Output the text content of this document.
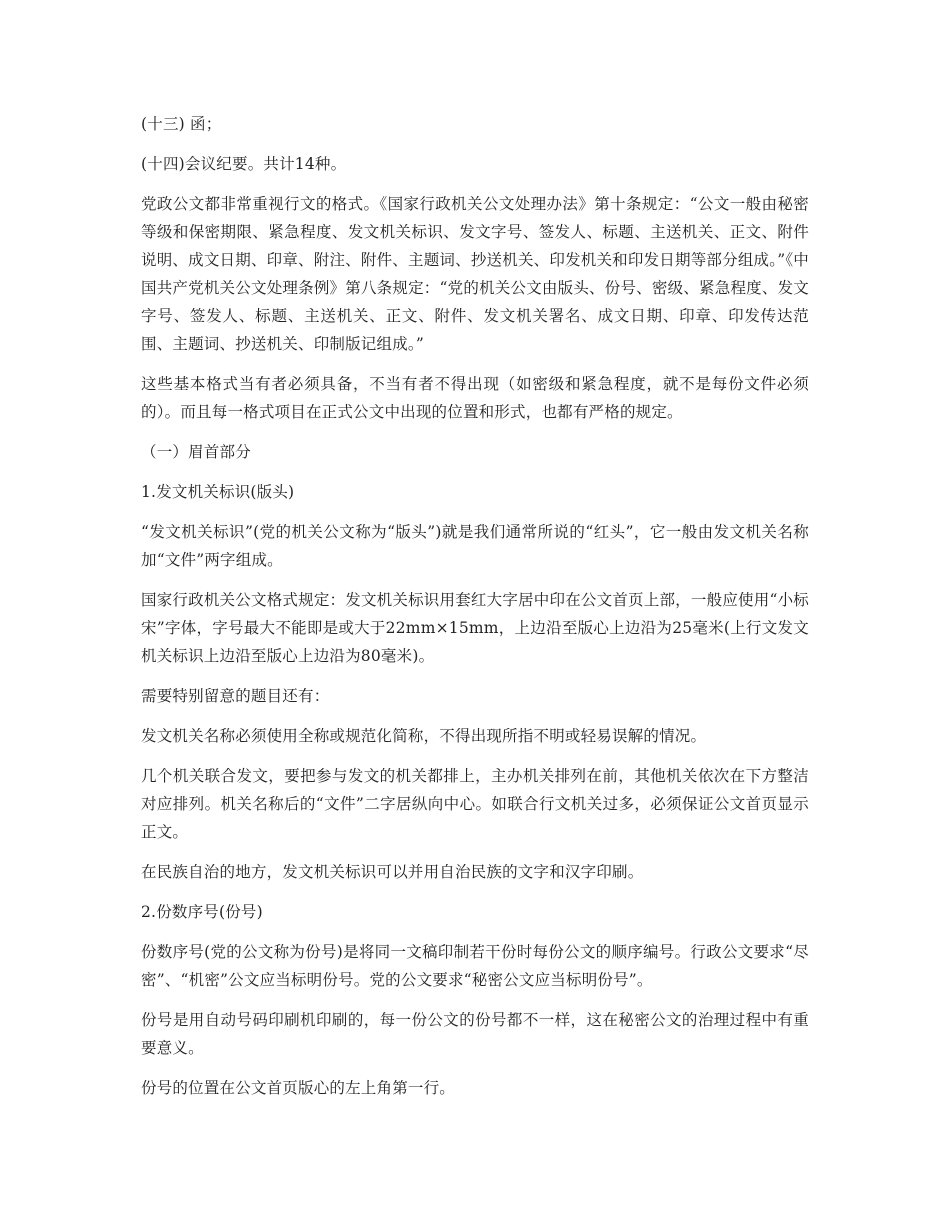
(十三) 函；

(十四)会议纪要。共计14种。

党政公文都非常重视行文的格式。《国家行政机关公文处理办法》第十条规定：“公文一般由秘密等级和保密期限、紧急程度、发文机关标识、发文字号、签发人、标题、主送机关、正文、附件说明、成文日期、印章、附注、附件、主题词、抄送机关、印发机关和印发日期等部分组成。”《中国共产党机关公文处理条例》第八条规定：“党的机关公文由版头、份号、密级、紧急程度、发文字号、签发人、标题、主送机关、正文、附件、发文机关署名、成文日期、印章、印发传达范围、主题词、抄送机关、印制版记组成。”

这些基本格式当有者必须具备，不当有者不得出现（如密级和紧急程度，就不是每份文件必须的）。而且每一格式项目在正式公文中出现的位置和形式，也都有严格的规定。

（一）眉首部分

1.发文机关标识(版头)

“发文机关标识”(党的机关公文称为“版头”)就是我们通常所说的“红头”，它一般由发文机关名称加“文件”两字组成。

国家行政机关公文格式规定：发文机关标识用套红大字居中印在公文首页上部，一般应使用“小标宋”字体，字号最大不能即是或大于22mm×15mm，上边沿至版心上边沿为25毫米(上行文发文机关标识上边沿至版心上边沿为80毫米)。

需要特别留意的题目还有：

发文机关名称必须使用全称或规范化简称，不得出现所指不明或轻易误解的情况。

几个机关联合发文，要把参与发文的机关都排上，主办机关排列在前，其他机关依次在下方整洁对应排列。机关名称后的“文件”二字居纵向中心。如联合行文机关过多，必须保证公文首页显示正文。

在民族自治的地方，发文机关标识可以并用自治民族的文字和汉字印刷。

2.份数序号(份号)

份数序号(党的公文称为份号)是将同一文稿印制若干份时每份公文的顺序编号。行政公文要求“尽密”、“机密”公文应当标明份号。党的公文要求“秘密公文应当标明份号”。

份号是用自动号码印刷机印刷的，每一份公文的份号都不一样，这在秘密公文的治理过程中有重要意义。

份号的位置在公文首页版心的左上角第一行。
